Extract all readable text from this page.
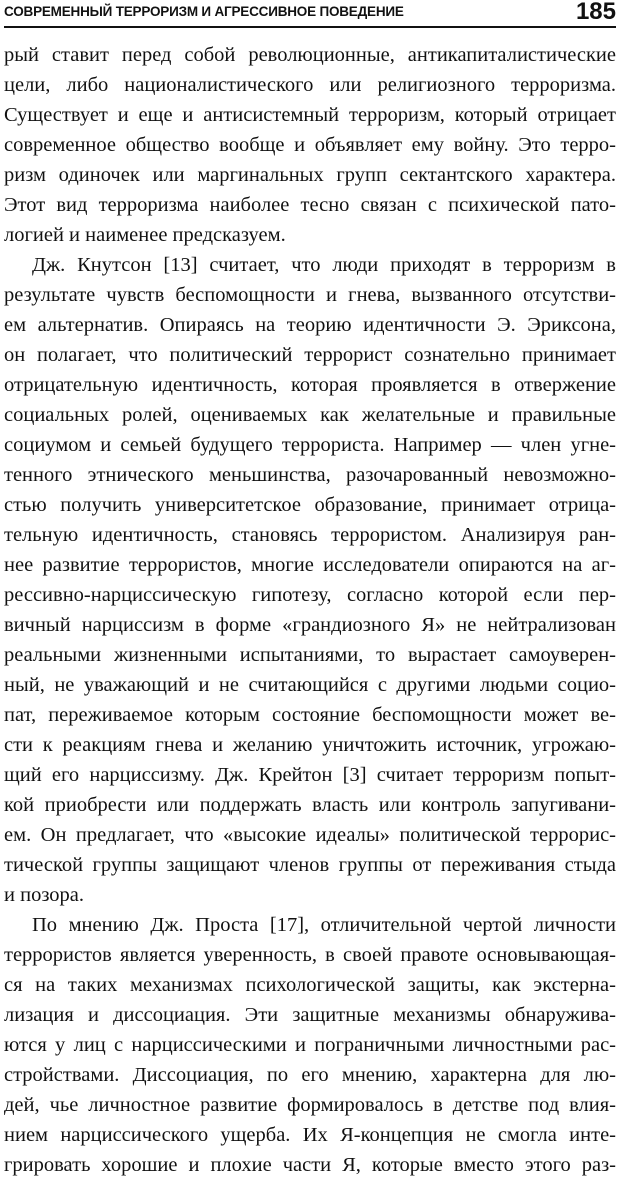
СОВРЕМЕННЫЙ ТЕРРОРИЗМ И АГРЕССИВНОЕ ПОВЕДЕНИЕ	185
рый ставит перед собой революционные, антикапиталистические
цели, либо националистического или религиозного терроризма.
Существует и еще и антисистемный терроризм, который отрицает
современное общество вообще и объявляет ему войну. Это терро-
ризм одиночек или маргинальных групп сектантского характера.
Этот вид терроризма наиболее тесно связан с психической пато-
логией и наименее предсказуем.
Дж. Кнутсон [13] считает, что люди приходят в терроризм в
результате чувств беспомощности и гнева, вызванного отсутстви-
ем альтернатив. Опираясь на теорию идентичности Э. Эриксона,
он полагает, что политический террорист сознательно принимает
отрицательную идентичность, которая проявляется в отвержение
социальных ролей, оцениваемых как желательные и правильные
социумом и семьей будущего террориста. Например — член угне-
тенного этнического меньшинства, разочарованный невозможно-
стью получить университетское образование, принимает отрица-
тельную идентичность, становясь террористом. Анализируя ран-
нее развитие террористов, многие исследователи опираются на аг-
рессивно-нарциссическую гипотезу, согласно которой если пер-
вичный нарциссизм в форме «грандиозного Я» не нейтрализован
реальными жизненными испытаниями, то вырастает самоуверен-
ный, не уважающий и не считающийся с другими людьми социо-
пат, переживаемое которым состояние беспомощности может ве-
сти к реакциям гнева и желанию уничтожить источник, угрожаю-
щий его нарциссизму. Дж. Крейтон [3] считает терроризм попыт-
кой приобрести или поддержать власть или контроль запугивани-
ем. Он предлагает, что «высокие идеалы» политической террорис-
тической группы защищают членов группы от переживания стыда
и позора.
По мнению Дж. Проста [17], отличительной чертой личности
террористов является уверенность, в своей правоте основывающая-
ся на таких механизмах психологической защиты, как экстерна-
лизация и диссоциация. Эти защитные механизмы обнаружива-
ются у лиц с нарциссическими и пограничными личностными рас-
стройствами. Диссоциация, по его мнению, характерна для лю-
дей, чье личностное развитие формировалось в детстве под влия-
нием нарциссического ущерба. Их Я-концепция не смогла инте-
грировать хорошие и плохие части Я, которые вместо этого раз-
